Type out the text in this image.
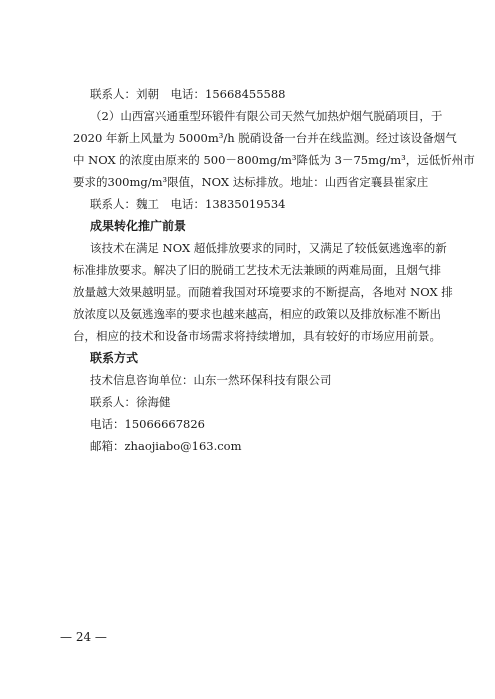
联系人：刘朝　电话：15668455588
（2）山西富兴通重型环锻件有限公司天然气加热炉烟气脱硝项目，于
2020 年新上风量为 5000m³/h 脱硝设备一台并在线监测。经过该设备烟气
中 NOX 的浓度由原来的 500－800mg/m³降低为 3－75mg/m³，远低忻州市
要求的300mg/m³限值，NOX 达标排放。地址：山西省定襄县崔家庄
联系人：魏工　电话：13835019534
成果转化推广前景
该技术在满足 NOX 超低排放要求的同时，又满足了较低氨逃逸率的新
标准排放要求。解决了旧的脱硝工艺技术无法兼顾的两难局面，且烟气排
放量越大效果越明显。而随着我国对环境要求的不断提高，各地对 NOX 排
放浓度以及氨逃逸率的要求也越来越高，相应的政策以及排放标准不断出
台，相应的技术和设备市场需求将持续增加，具有较好的市场应用前景。
联系方式
技术信息咨询单位：山东一然环保科技有限公司
联系人：徐海健
电话：15066667826
邮箱：zhaojiabo@163.com
— 24 —
